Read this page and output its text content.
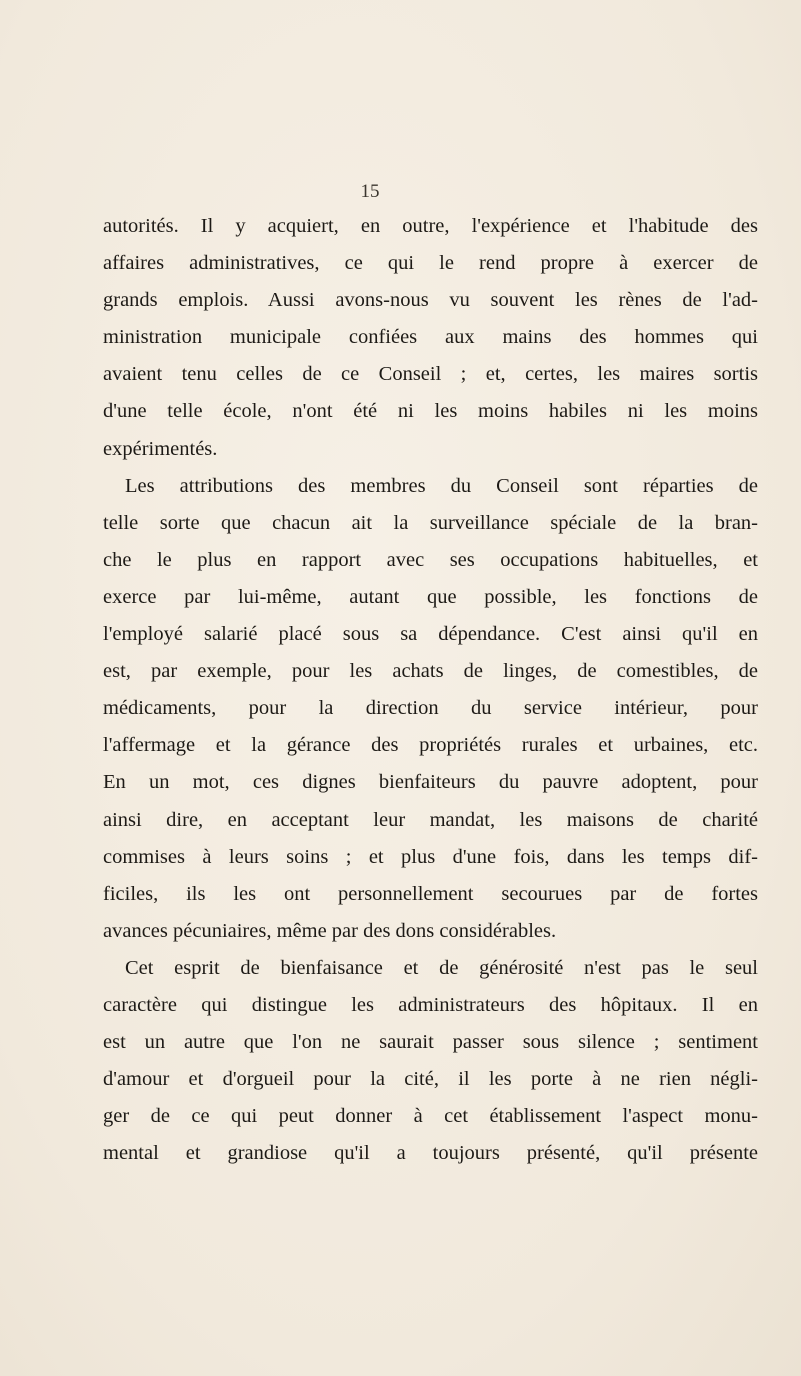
15
autorités. Il y acquiert, en outre, l'expérience et l'habitude des
affaires administratives, ce qui le rend propre à exercer de
grands emplois. Aussi avons-nous vu souvent les rènes de l'ad-
ministration municipale confiées aux mains des hommes qui
avaient tenu celles de ce Conseil ; et, certes, les maires sortis
d'une telle école, n'ont été ni les moins habiles ni les moins
expérimentés.
Les attributions des membres du Conseil sont réparties de
telle sorte que chacun ait la surveillance spéciale de la bran-
che le plus en rapport avec ses occupations habituelles, et
exerce par lui-même, autant que possible, les fonctions de
l'employé salarié placé sous sa dépendance. C'est ainsi qu'il en
est, par exemple, pour les achats de linges, de comestibles, de
médicaments, pour la direction du service intérieur, pour
l'affermage et la gérance des propriétés rurales et urbaines, etc.
En un mot, ces dignes bienfaiteurs du pauvre adoptent, pour
ainsi dire, en acceptant leur mandat, les maisons de charité
commises à leurs soins ; et plus d'une fois, dans les temps dif-
ficiles, ils les ont personnellement secourues par de fortes
avances pécuniaires, même par des dons considérables.
Cet esprit de bienfaisance et de générosité n'est pas le seul
caractère qui distingue les administrateurs des hôpitaux. Il en
est un autre que l'on ne saurait passer sous silence ; sentiment
d'amour et d'orgueil pour la cité, il les porte à ne rien négli-
ger de ce qui peut donner à cet établissement l'aspect monu-
mental et grandiose qu'il a toujours présenté, qu'il présente
